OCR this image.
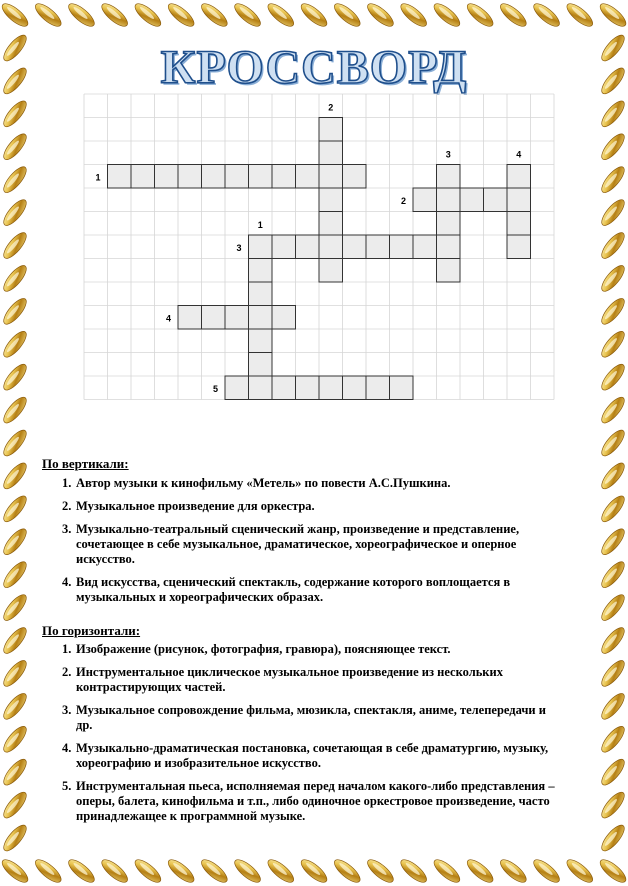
КРОССВОРД
1
2
3
4
5
1
2
3	4
По вертикали:
1. Автор музыки к кинофильму «Метель» по повести А.С.Пушкина.
2. Музыкальное произведение для оркестра.
3. Музыкально-театральный сценический жанр, произведение и представление, сочетающее в себе музыкальное, драматическое, хореографическое и оперное искусство.
4. Вид искусства, сценический спектакль, содержание которого воплощается в музыкальных и хореографических образах.
По горизонтали:
1. Изображение (рисунок, фотография, гравюра), поясняющее текст.
2. Инструментальное циклическое музыкальное произведение из нескольких контрастирующих частей.
3. Музыкальное сопровождение фильма, мюзикла, спектакля, аниме, телепередачи и др.
4. Музыкально-драматическая постановка, сочетающая в себе драматургию, музыку, хореографию и изобразительное искусство.
5. Инструментальная пьеса, исполняемая перед началом какого-либо представления – оперы, балета, кинофильма и т.п., либо одиночное оркестровое произведение, часто принадлежащее к программной музыке.
